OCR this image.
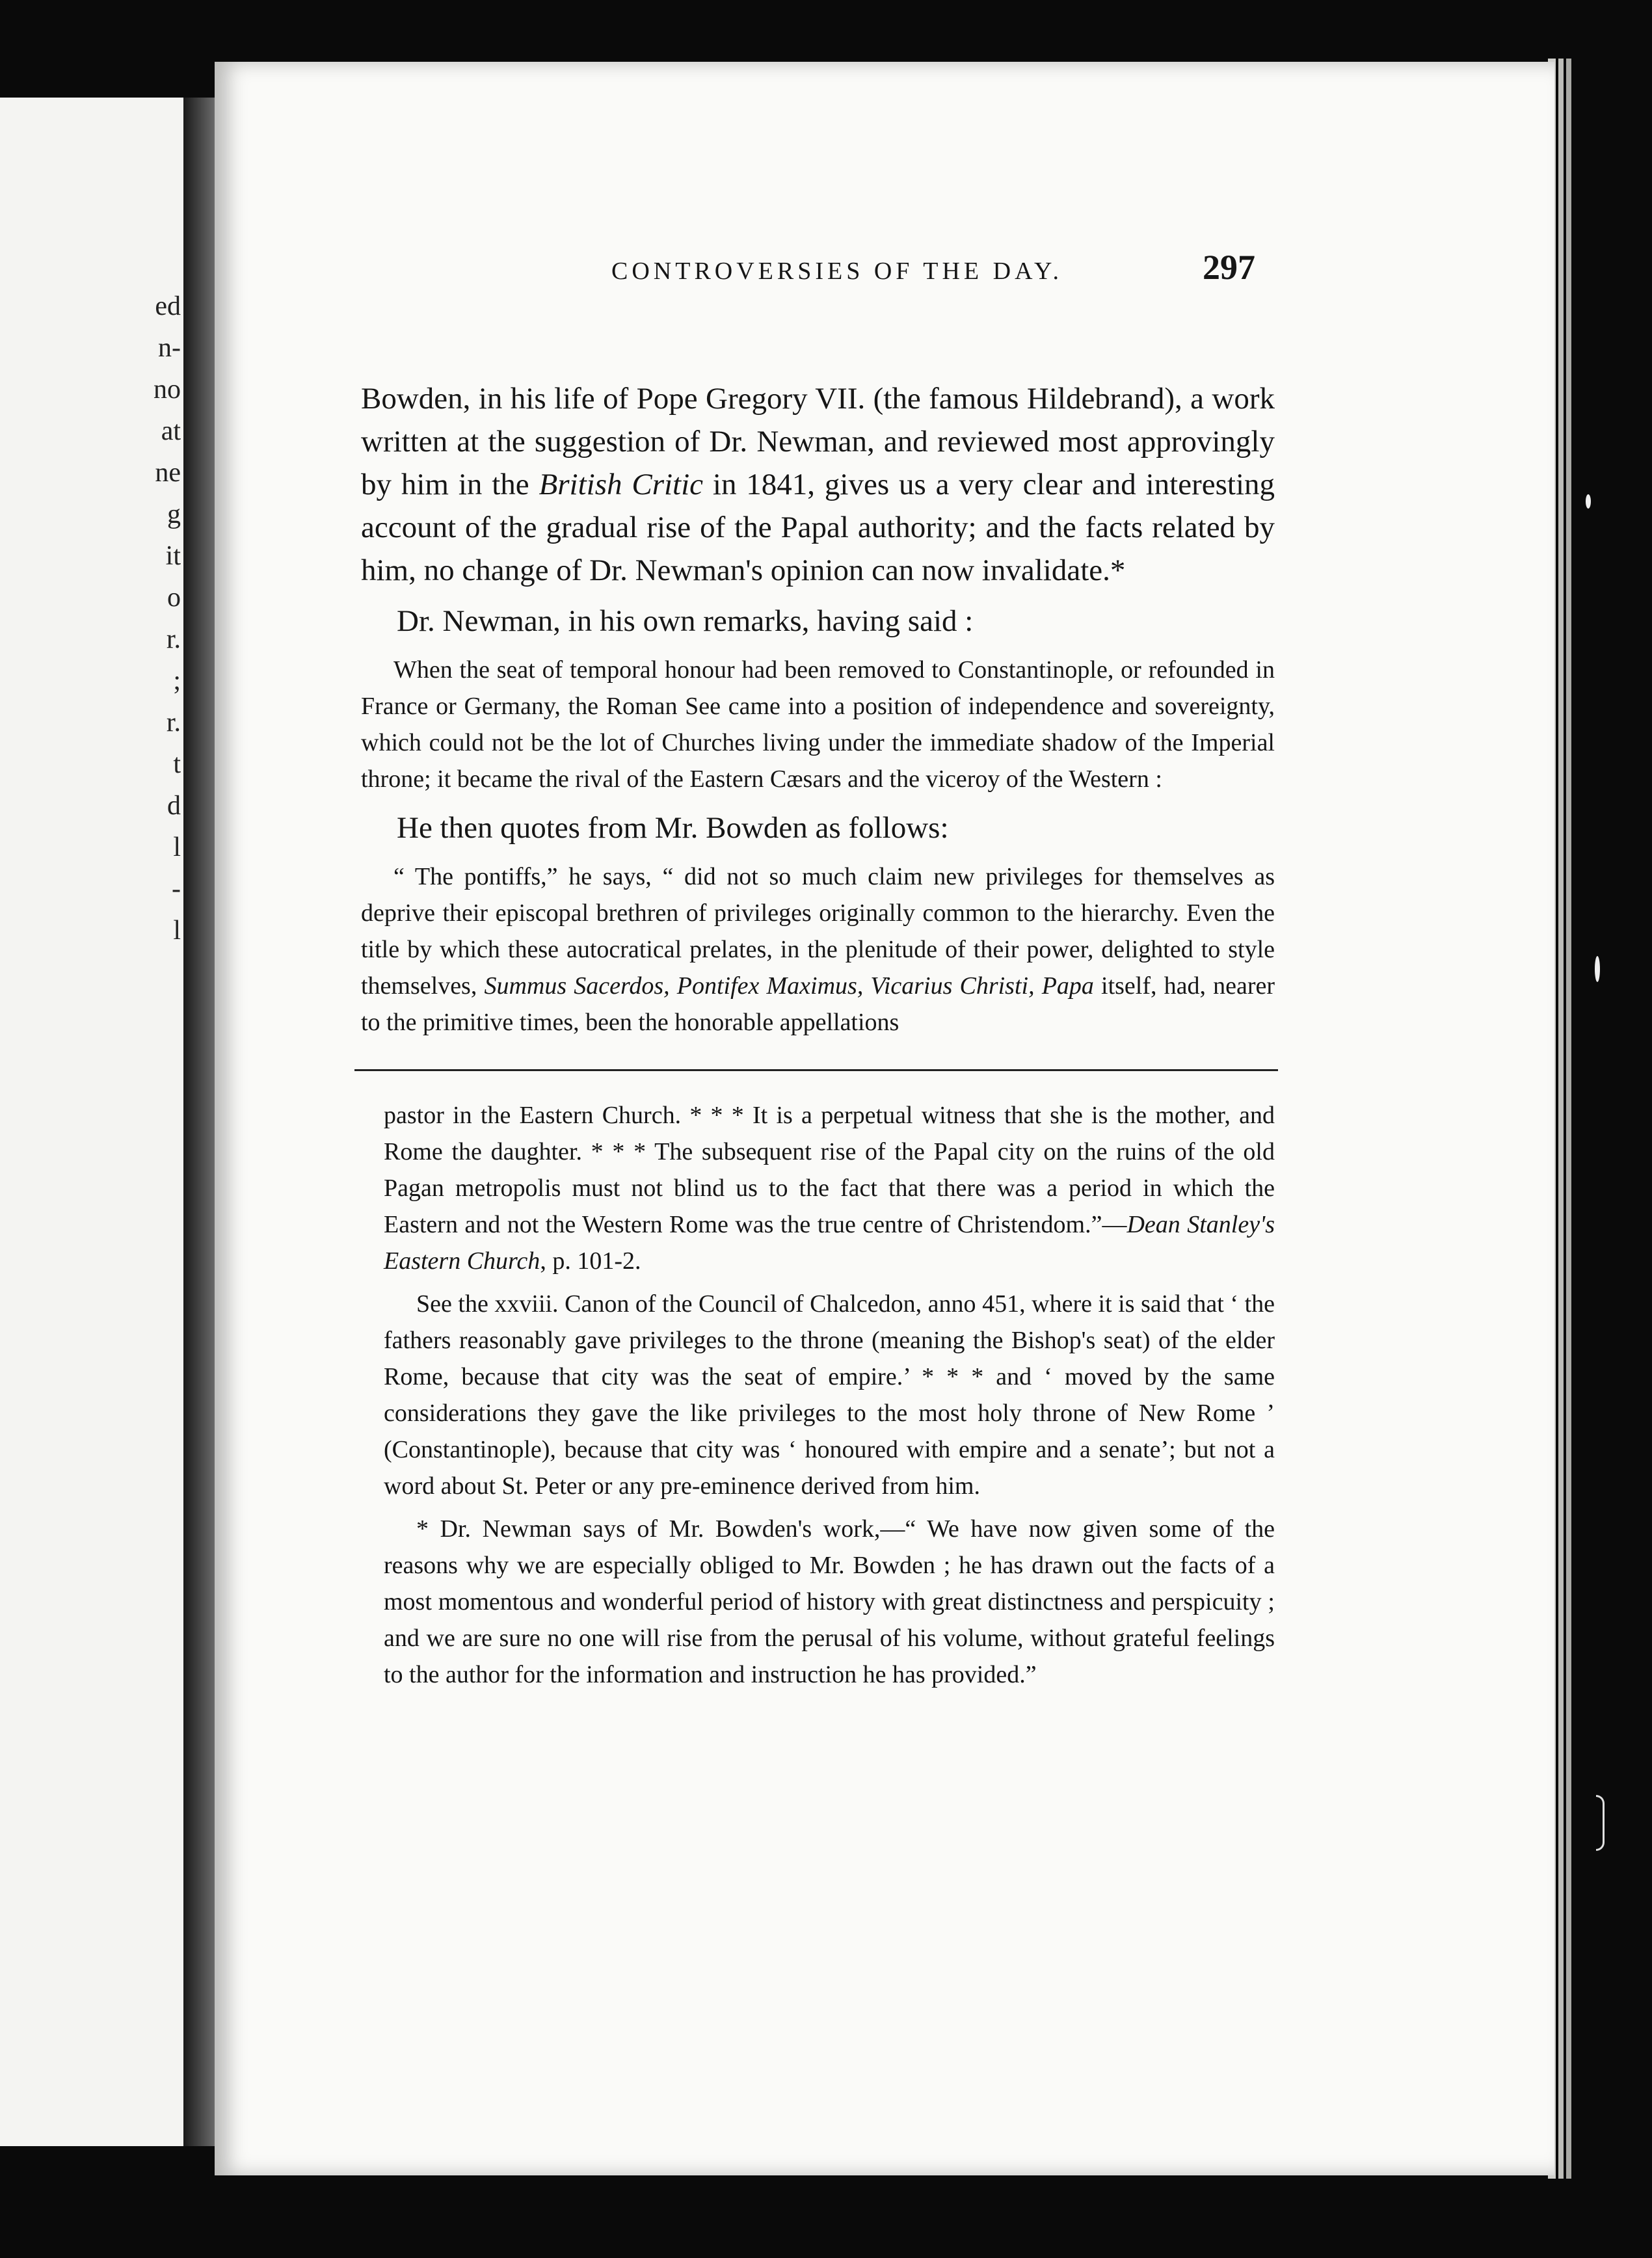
ed
n-
no
at
ne
g
it
o
r.
;
r.
t
d
l
-
l
CONTROVERSIES OF THE DAY.	297

Bowden, in his life of Pope Gregory VII. (the famous Hildebrand), a work written at the suggestion of Dr. Newman, and reviewed most approvingly by him in the British Critic in 1841, gives us a very clear and interesting account of the gradual rise of the Papal authority; and the facts related by him, no change of Dr. Newman's opinion can now invalidate.*

Dr. Newman, in his own remarks, having said :

When the seat of temporal honour had been removed to Constantinople, or refounded in France or Germany, the Roman See came into a position of independence and sovereignty, which could not be the lot of Churches living under the immediate shadow of the Imperial throne; it became the rival of the Eastern Cæsars and the viceroy of the Western :

He then quotes from Mr. Bowden as follows:

“ The pontiffs,” he says, “ did not so much claim new privileges for themselves as deprive their episcopal brethren of privileges originally common to the hierarchy. Even the title by which these autocratical prelates, in the plenitude of their power, delighted to style themselves, Summus Sacerdos, Pontifex Maximus, Vicarius Christi, Papa itself, had, nearer to the primitive times, been the honorable appellations

pastor in the Eastern Church. * * * It is a perpetual witness that she is the mother, and Rome the daughter. * * * The subsequent rise of the Papal city on the ruins of the old Pagan metropolis must not blind us to the fact that there was a period in which the Eastern and not the Western Rome was the true centre of Christendom.”—Dean Stanley's Eastern Church, p. 101-2.

See the xxviii. Canon of the Council of Chalcedon, anno 451, where it is said that ‘ the fathers reasonably gave privileges to the throne (meaning the Bishop's seat) of the elder Rome, because that city was the seat of empire.’ * * * and ‘ moved by the same considerations they gave the like privileges to the most holy throne of New Rome ’ (Constantinople), because that city was ‘ honoured with empire and a senate’; but not a word about St. Peter or any pre-eminence derived from him.

* Dr. Newman says of Mr. Bowden's work,—“ We have now given some of the reasons why we are especially obliged to Mr. Bowden ; he has drawn out the facts of a most momentous and wonderful period of history with great distinctness and perspicuity ; and we are sure no one will rise from the perusal of his volume, without grateful feelings to the author for the information and instruction he has provided.”
